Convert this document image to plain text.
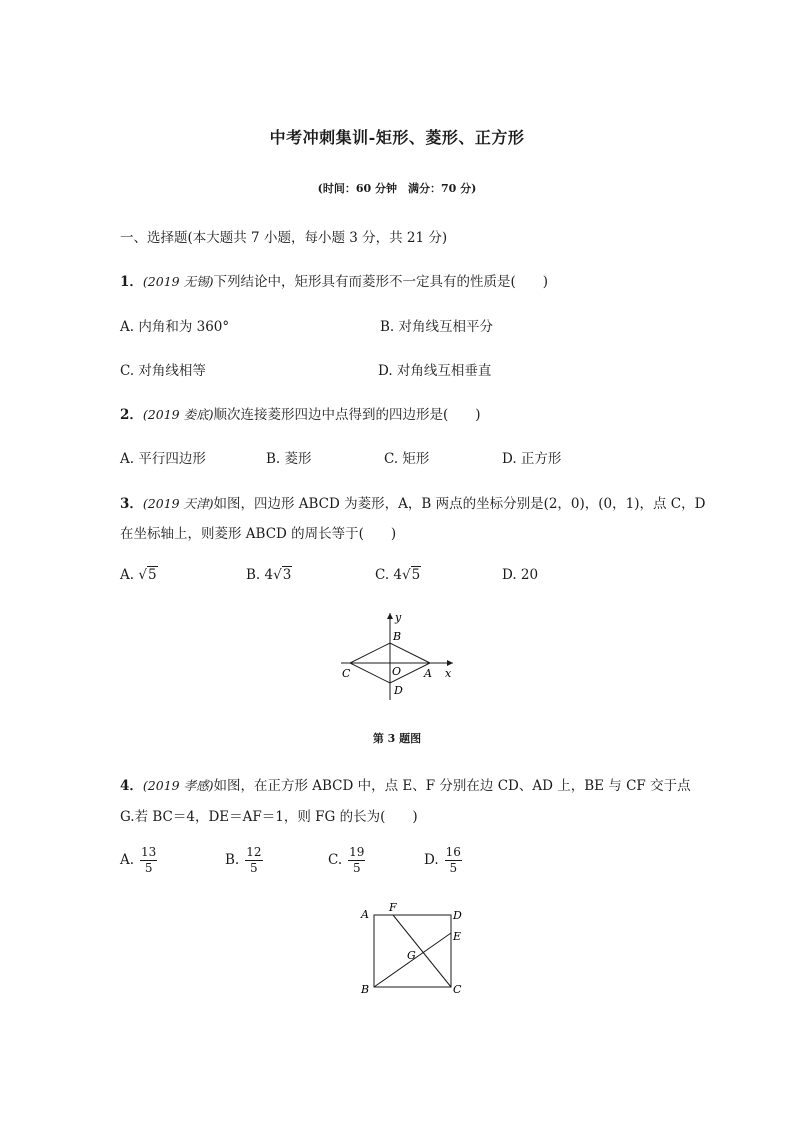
中考冲刺集训-矩形、菱形、正方形
(时间：60 分钟　满分：70 分)
一、选择题(本大题共 7 小题，每小题 3 分，共 21 分)
1．(2019 无锡)下列结论中，矩形具有而菱形不一定具有的性质是(　　)
A. 内角和为 360°	B. 对角线互相平分
C. 对角线相等	D. 对角线互相垂直
2．(2019 娄底)顺次连接菱形四边中点得到的四边形是(　　)
A. 平行四边形	B. 菱形	C. 矩形	D. 正方形
3．(2019 天津)如图，四边形 ABCD 为菱形，A，B 两点的坐标分别是(2，0)，(0，1)，点 C，D
在坐标轴上，则菱形 ABCD 的周长等于(　　)
A. √5	B. 4√3	C. 4√5	D. 20
y
B
O
C	A x
D
第 3 题图
4．(2019 孝感)如图，在正方形 ABCD 中，点 E、F 分别在边 CD、AD 上，BE 与 CF 交于点
G.若 BC＝4，DE＝AF＝1，则 FG 的长为(　　)
A. $\frac{13}{5}$	B. $\frac{12}{5}$	C. $\frac{19}{5}$	D. $\frac{16}{5}$
A
F
D
E
G
B	C
